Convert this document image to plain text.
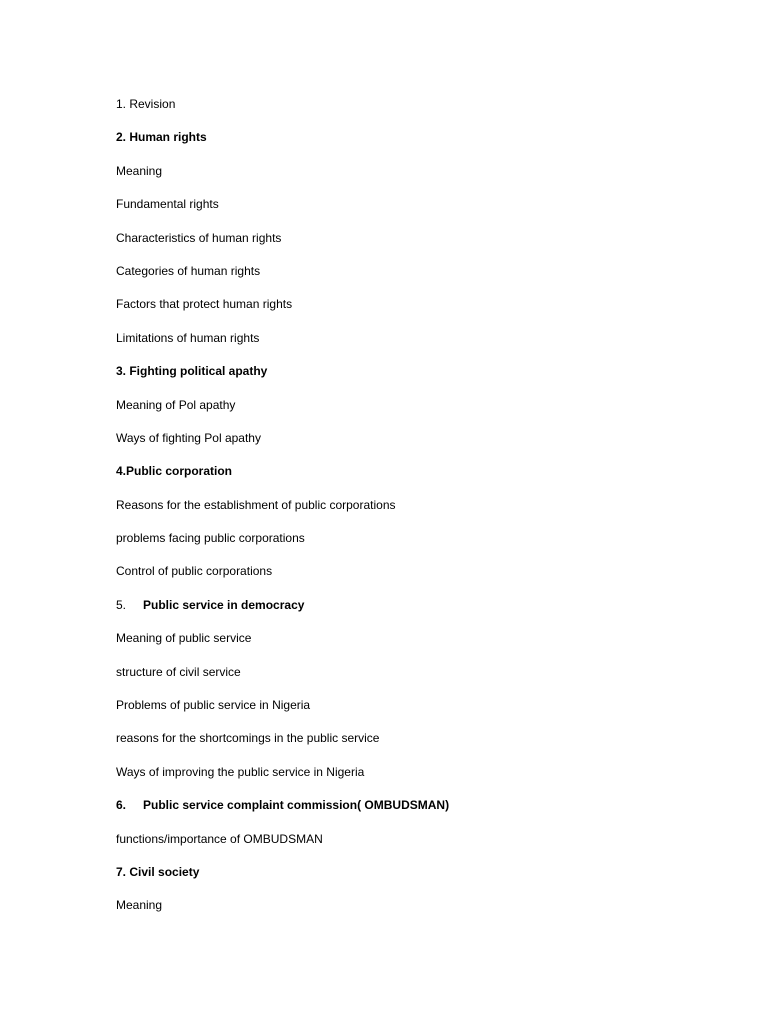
1. Revision
2. Human rights
Meaning
Fundamental rights
Characteristics of human rights
Categories of human rights
Factors that protect human rights
Limitations of human rights
3. Fighting political apathy
Meaning of Pol apathy
Ways of fighting Pol apathy
4.Public corporation
Reasons for the establishment of public corporations
problems facing public corporations
Control of public corporations
5. Public service in democracy
Meaning of public service
structure of civil service
Problems of public service in Nigeria
reasons for the shortcomings in the public service
Ways of improving the public service in Nigeria
6. Public service complaint commission( OMBUDSMAN)
functions/importance of OMBUDSMAN
7. Civil society
Meaning
